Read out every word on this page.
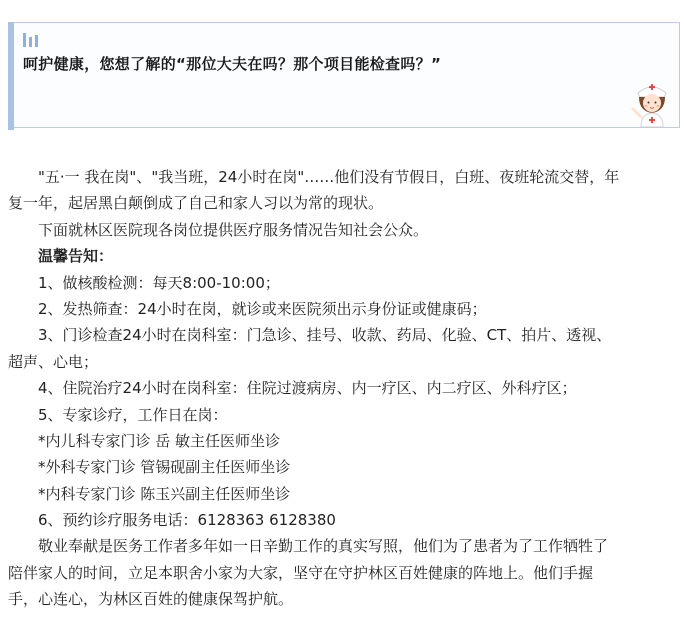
呵护健康，您想了解的“那位大夫在吗？那个项目能检查吗？”
"五·一 我在岗"、"我当班，24小时在岗"……他们没有节假日，白班、夜班轮流交替，年
复一年，起居黑白颠倒成了自己和家人习以为常的现状。
下面就林区医院现各岗位提供医疗服务情况告知社会公众。
温馨告知：
1、做核酸检测：每天8:00-10:00；
2、发热筛查：24小时在岗，就诊或来医院须出示身份证或健康码；
3、门诊检查24小时在岗科室：门急诊、挂号、收款、药局、化验、CT、拍片、透视、
超声、心电；
4、住院治疗24小时在岗科室：住院过渡病房、内一疗区、内二疗区、外科疗区；
5、专家诊疗，工作日在岗：
*内儿科专家门诊 岳 敏主任医师坐诊
*外科专家门诊 管锡砚副主任医师坐诊
*内科专家门诊 陈玉兴副主任医师坐诊
6、预约诊疗服务电话：6128363 6128380
敬业奉献是医务工作者多年如一日辛勤工作的真实写照，他们为了患者为了工作牺牲了
陪伴家人的时间，立足本职舍小家为大家，坚守在守护林区百姓健康的阵地上。他们手握
手，心连心，为林区百姓的健康保驾护航。
